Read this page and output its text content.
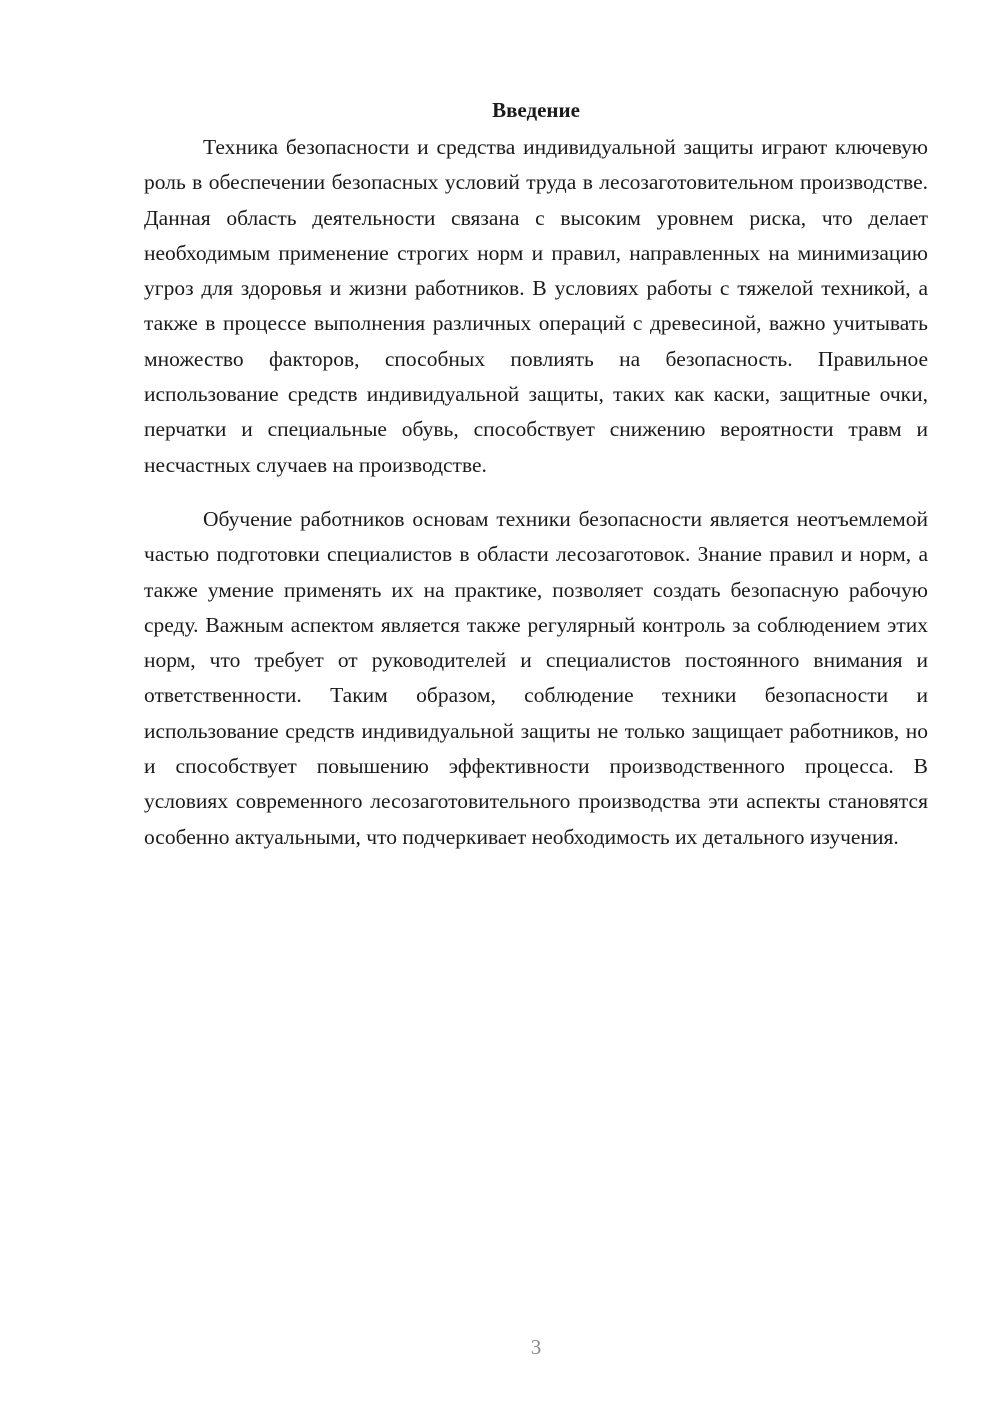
Введение

Техника безопасности и средства индивидуальной защиты играют ключевую роль в обеспечении безопасных условий труда в лесозаготовительном производстве. Данная область деятельности связана с высоким уровнем риска, что делает необходимым применение строгих норм и правил, направленных на минимизацию угроз для здоровья и жизни работников. В условиях работы с тяжелой техникой, а также в процессе выполнения различных операций с древесиной, важно учитывать множество факторов, способных повлиять на безопасность. Правильное использование средств индивидуальной защиты, таких как каски, защитные очки, перчатки и специальные обувь, способствует снижению вероятности травм и несчастных случаев на производстве.

Обучение работников основам техники безопасности является неотъемлемой частью подготовки специалистов в области лесозаготовок. Знание правил и норм, а также умение применять их на практике, позволяет создать безопасную рабочую среду. Важным аспектом является также регулярный контроль за соблюдением этих норм, что требует от руководителей и специалистов постоянного внимания и ответственности. Таким образом, соблюдение техники безопасности и использование средств индивидуальной защиты не только защищает работников, но и способствует повышению эффективности производственного процесса. В условиях современного лесозаготовительного производства эти аспекты становятся особенно актуальными, что подчеркивает необходимость их детального изучения.

3
